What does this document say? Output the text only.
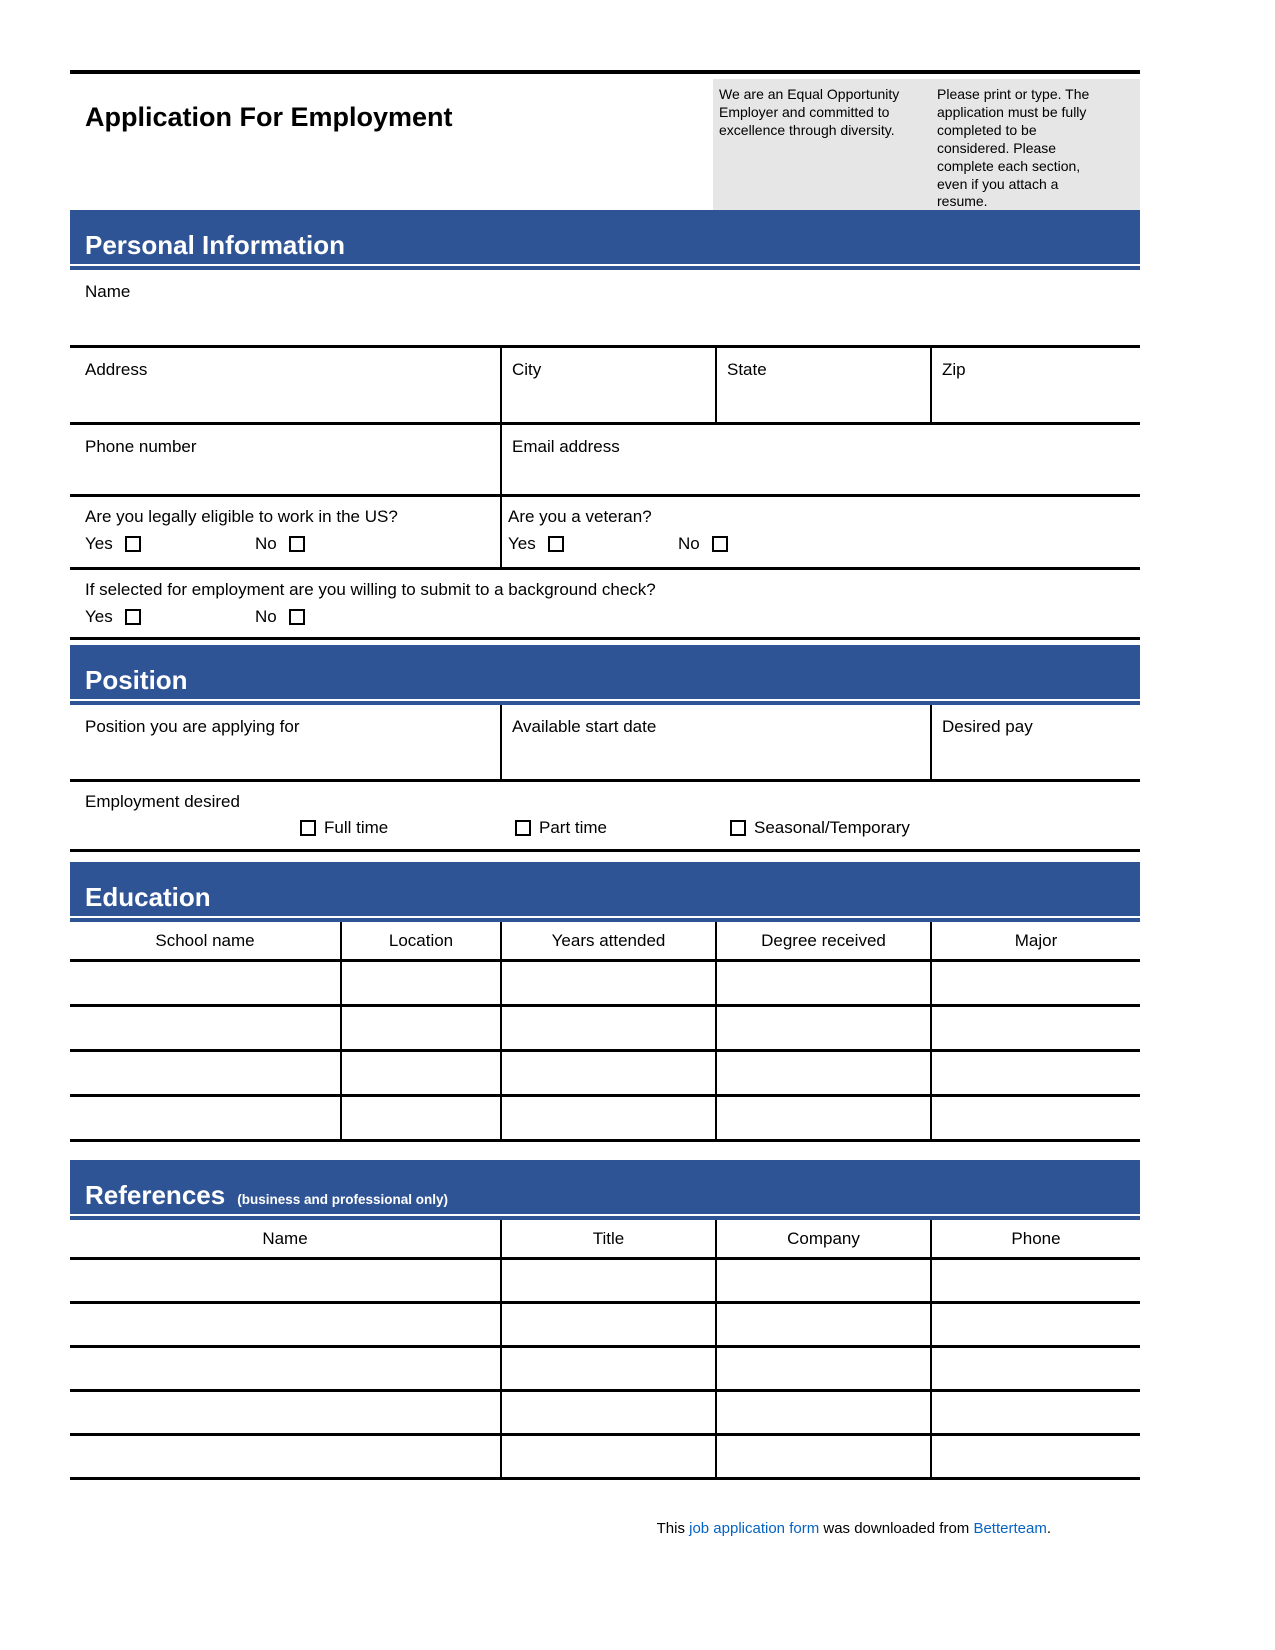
Application For Employment

We are an Equal Opportunity Employer and committed to excellence through diversity.

Please print or type. The application must be fully completed to be considered. Please complete each section, even if you attach a resume.

Personal Information
Name
Address	City	State	Zip
Phone number	Email address
Are you legally eligible to work in the US?
Yes	No
Are you a veteran?
Yes	No
If selected for employment are you willing to submit to a background check?
Yes	No
Position
Position you are applying for	Available start date	Desired pay
Employment desired
Full time	Part time	Seasonal/Temporary
Education
School name	Location	Years attended	Degree received	Major
References (business and professional only)
Name	Title	Company	Phone
This job application form was downloaded from Betterteam.
